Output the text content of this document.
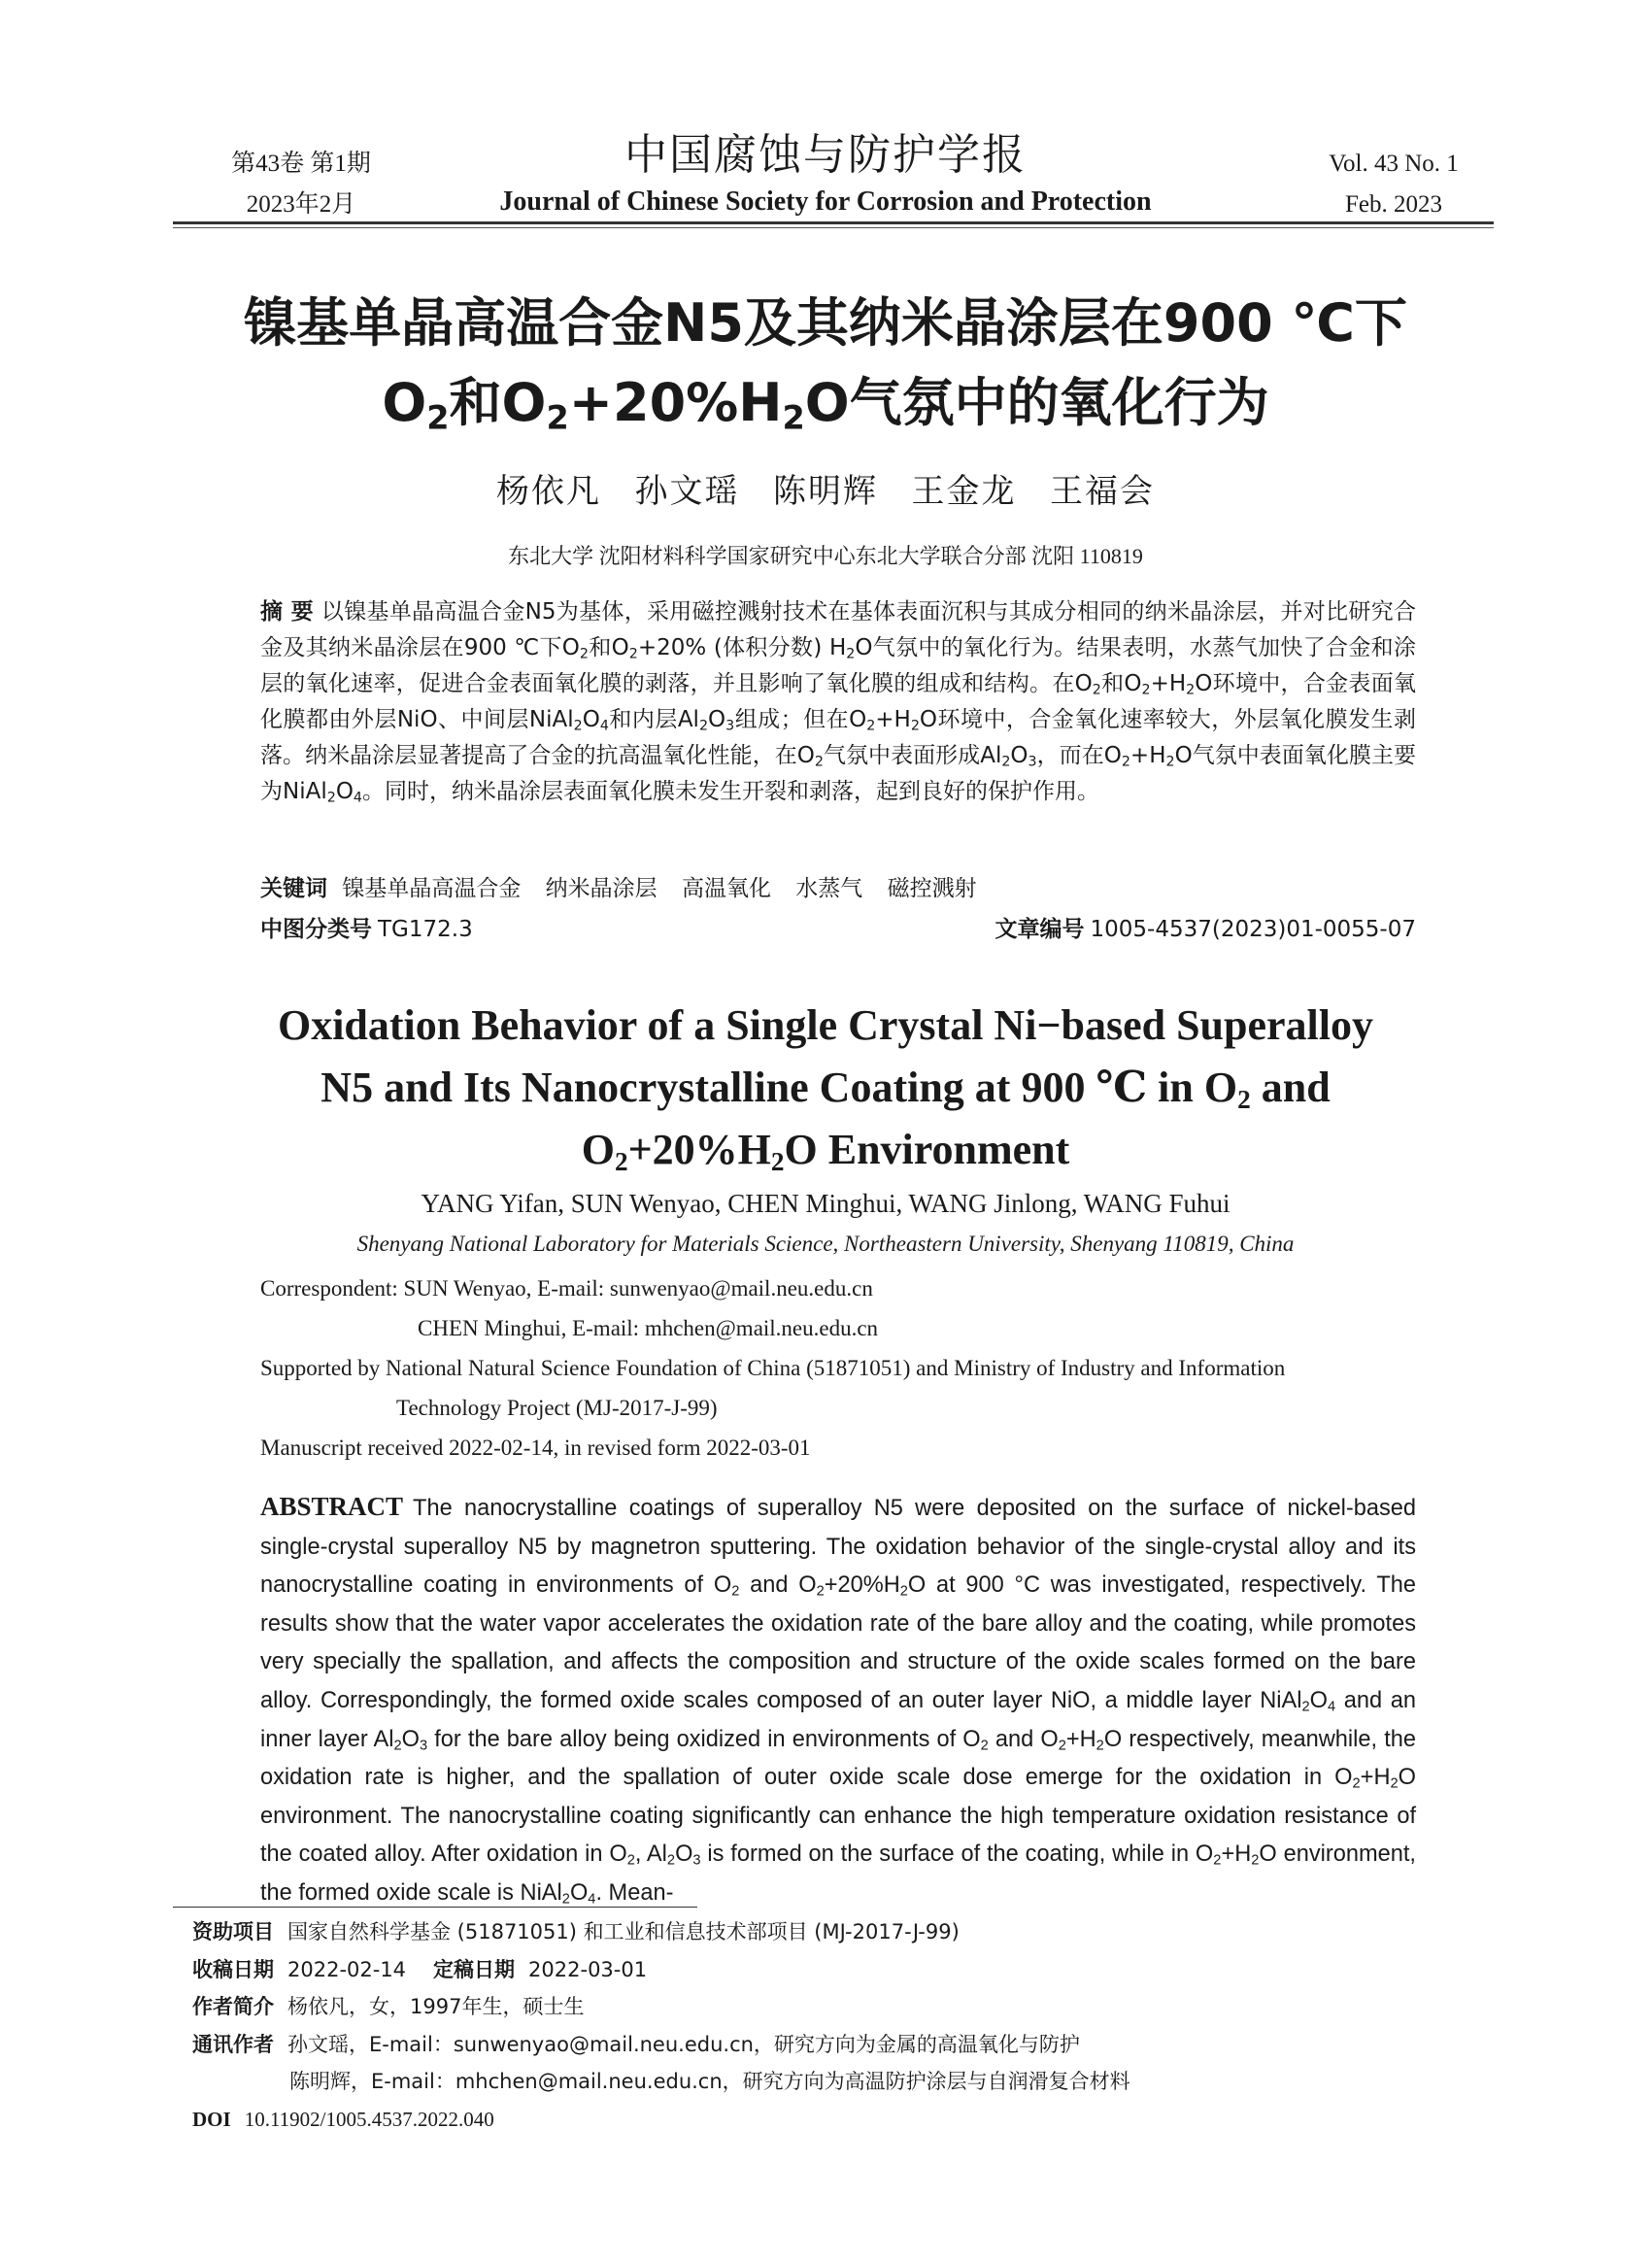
第43卷 第1期
2023年2月
中国腐蚀与防护学报
Journal of Chinese Society for Corrosion and Protection
Vol. 43 No. 1
Feb. 2023
镍基单晶高温合金N5及其纳米晶涂层在900 ℃下
$O_2$和$O_2+20\%H_2O$气氛中的氧化行为
杨依凡 孙文瑶 陈明辉 王金龙 王福会
东北大学 沈阳材料科学国家研究中心东北大学联合分部 沈阳 110819
摘 要 以镍基单晶高温合金N5为基体，采用磁控溅射技术在基体表面沉积与其成分相同的纳米晶涂层，并对比研究合金及其纳米晶涂层在900 ℃下$O_2$和$O_2+20\%$ (体积分数) $H_2O$气氛中的氧化行为。结果表明，水蒸气加快了合金和涂层的氧化速率，促进合金表面氧化膜的剥落，并且影响了氧化膜的组成和结构。在$O_2$和$O_2+H_2O$环境中，合金表面氧化膜都由外层NiO、中间层$NiAl_2O_4$和内层$Al_2O_3$组成；但在$O_2+H_2O$环境中，合金氧化速率较大，外层氧化膜发生剥落。纳米晶涂层显著提高了合金的抗高温氧化性能，在$O_2$气氛中表面形成$Al_2O_3$，而在$O_2+H_2O$气氛中表面氧化膜主要为$NiAl_2O_4$。同时，纳米晶涂层表面氧化膜未发生开裂和剥落，起到良好的保护作用。
关键词 镍基单晶高温合金 纳米晶涂层 高温氧化 水蒸气 磁控溅射
中图分类号 TG172.3	文章编号 1005-4537(2023)01-0055-07
Oxidation Behavior of a Single Crystal Ni−based Superalloy
N5 and Its Nanocrystalline Coating at 900 ℃ in $O_2$ and
$O_2+20\%H_2O$ Environment
YANG Yifan, SUN Wenyao, CHEN Minghui, WANG Jinlong, WANG Fuhui
Shenyang National Laboratory for Materials Science, Northeastern University, Shenyang 110819, China
Correspondent: SUN Wenyao, E-mail: sunwenyao@mail.neu.edu.cn
CHEN Minghui, E-mail: mhchen@mail.neu.edu.cn
Supported by National Natural Science Foundation of China (51871051) and Ministry of Industry and Information
Technology Project (MJ-2017-J-99)
Manuscript received 2022-02-14, in revised form 2022-03-01
ABSTRACT The nanocrystalline coatings of superalloy N5 were deposited on the surface of nickel-based single-crystal superalloy N5 by magnetron sputtering. The oxidation behavior of the single-crystal alloy and its nanocrystalline coating in environments of $O_2$ and $O_2+20\%H_2O$ at 900 °C was investigated, respectively. The results show that the water vapor accelerates the oxidation rate of the bare alloy and the coating, while promotes very specially the spallation, and affects the composition and structure of the oxide scales formed on the bare alloy. Correspondingly, the formed oxide scales composed of an outer layer NiO, a middle layer $NiAl_2O_4$ and an inner layer $Al_2O_3$ for the bare alloy being oxidized in environments of $O_2$ and $O_2+H_2O$ respectively, meanwhile, the oxidation rate is higher, and the spallation of outer oxide scale dose emerge for the oxidation in $O_2+H_2O$ environment. The nanocrystalline coating significantly can enhance the high temperature oxidation resistance of the coated alloy. After oxidation in $O_2$, $Al_2O_3$ is formed on the surface of the coating, while in $O_2+H_2O$ environment, the formed oxide scale is $NiAl_2O_4$. Mean-
资助项目 国家自然科学基金 (51871051) 和工业和信息技术部项目 (MJ-2017-J-99)
收稿日期 2022-02-14 定稿日期 2022-03-01
作者简介 杨依凡，女，1997年生，硕士生
通讯作者 孙文瑶，E-mail：sunwenyao@mail.neu.edu.cn，研究方向为金属的高温氧化与防护
陈明辉，E-mail：mhchen@mail.neu.edu.cn，研究方向为高温防护涂层与自润滑复合材料
DOI 10.11902/1005.4537.2022.040
